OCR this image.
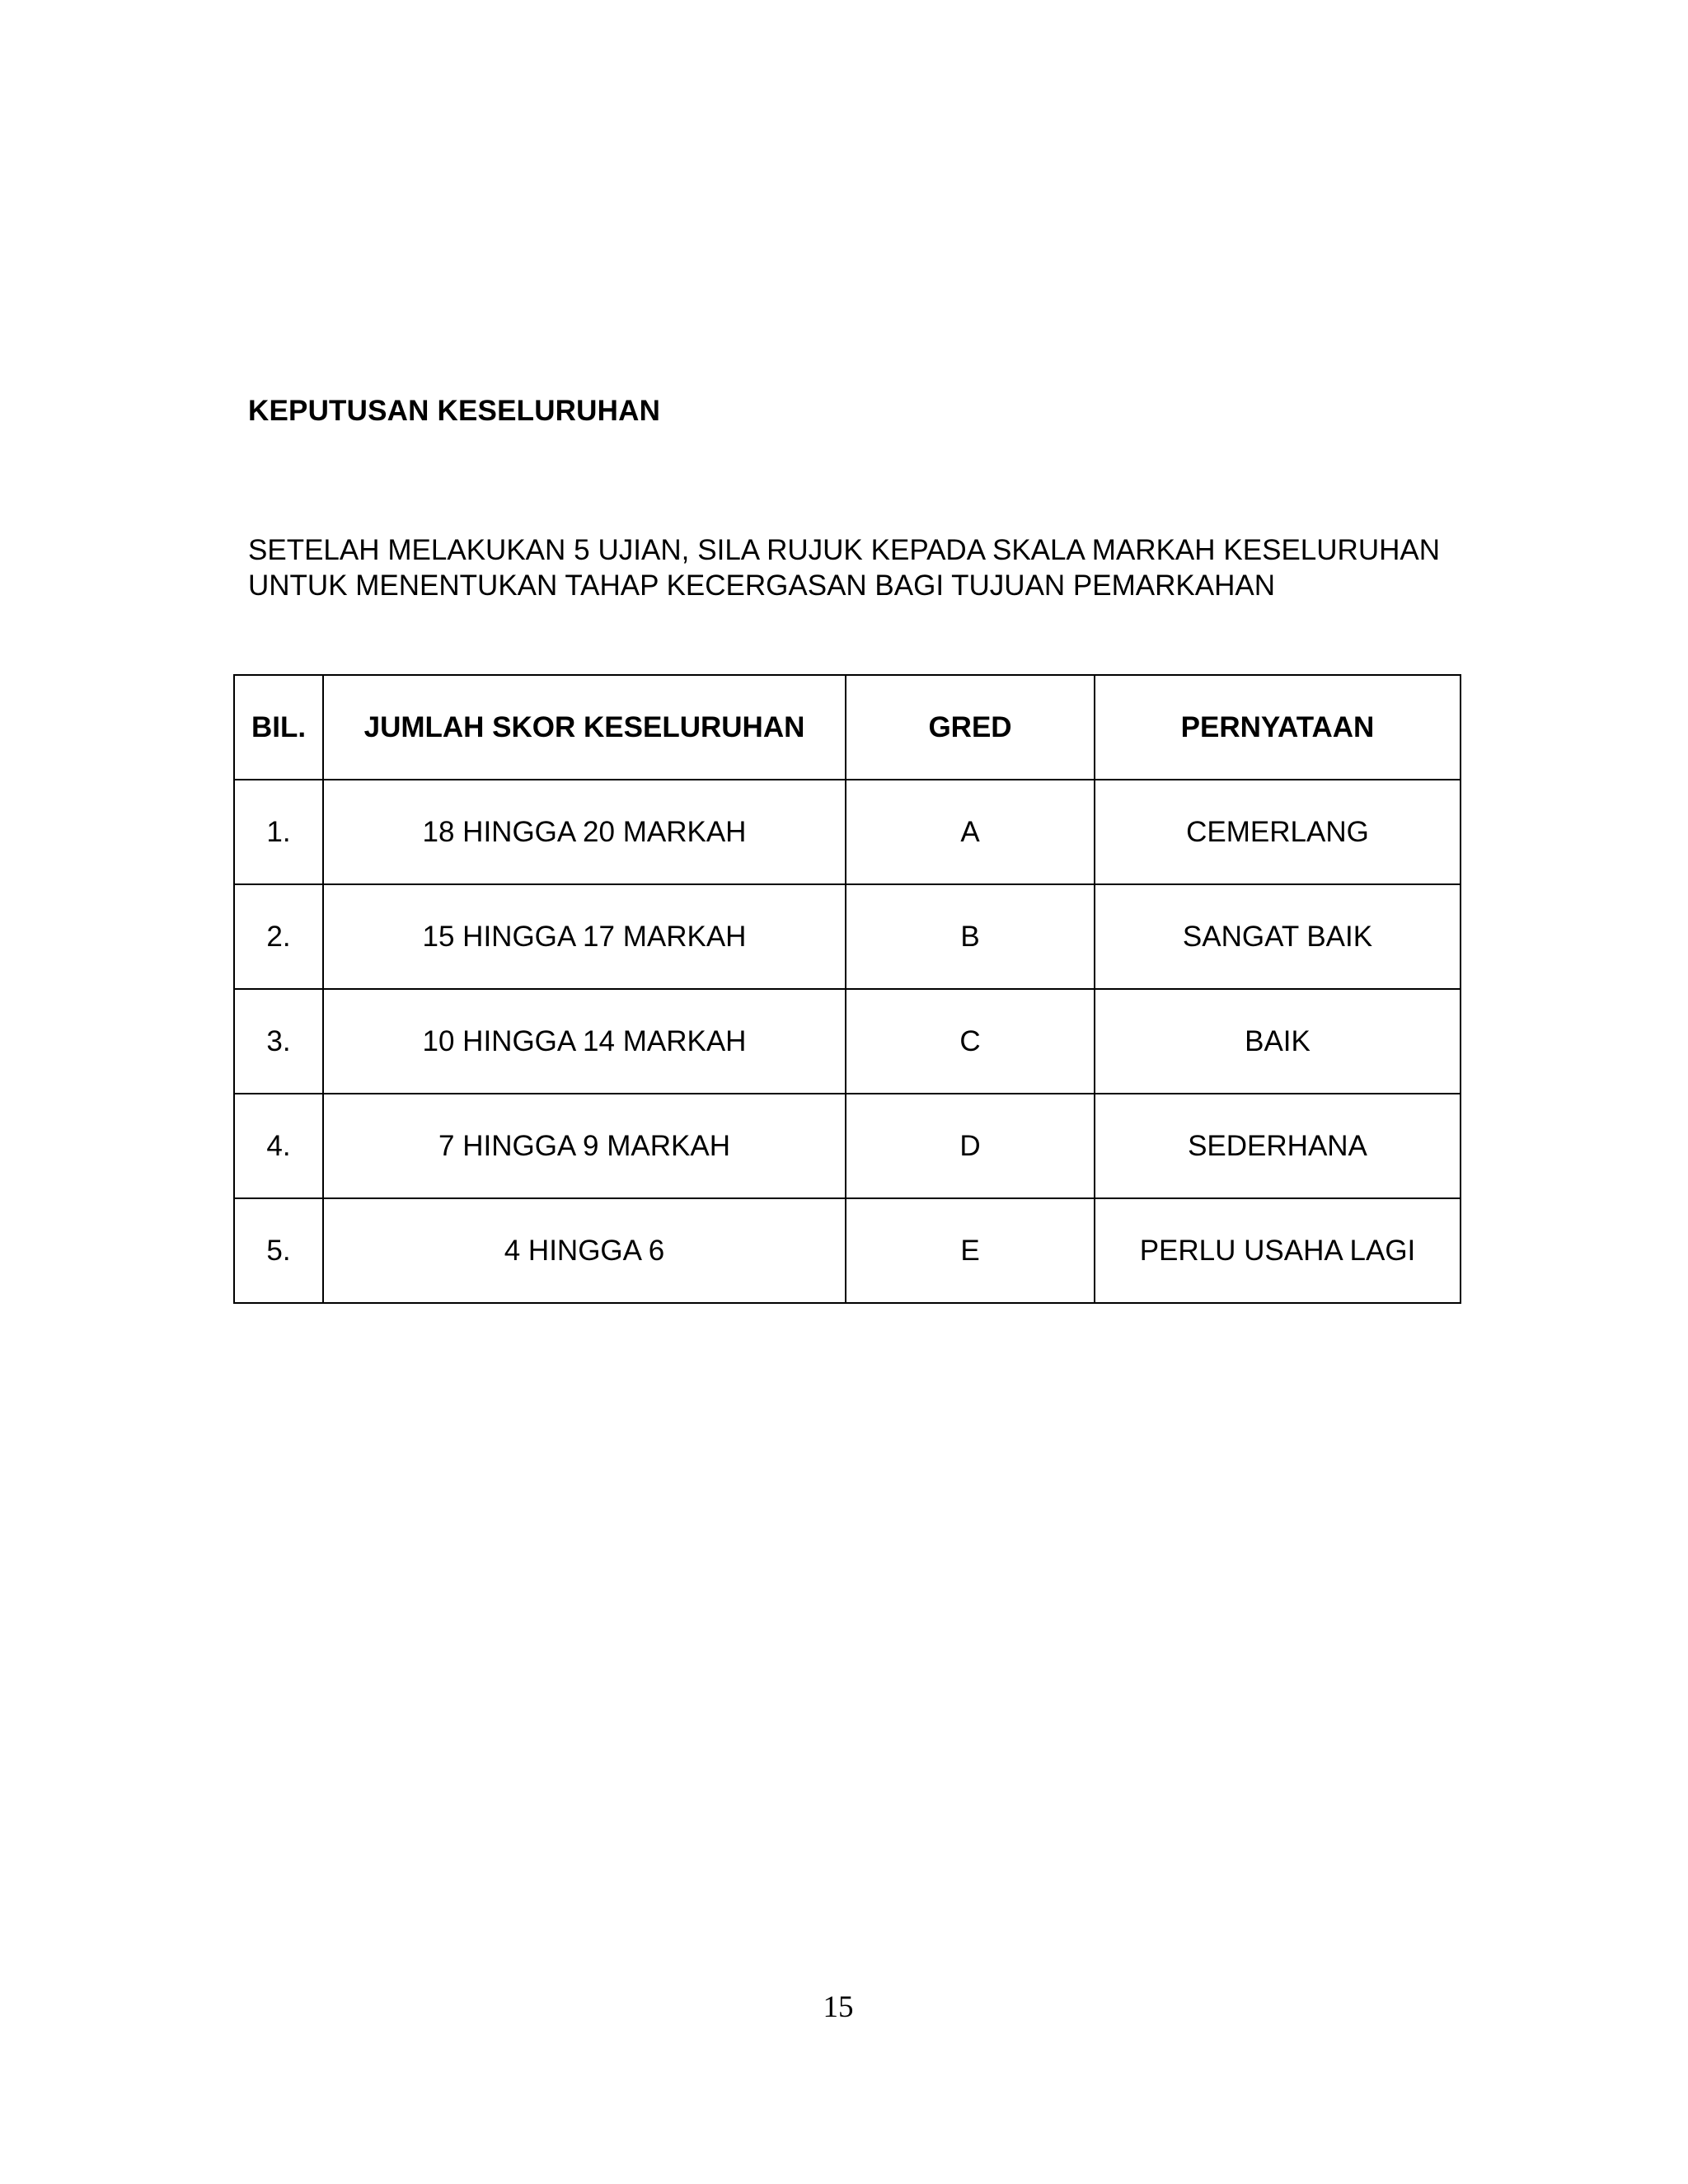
KEPUTUSAN KESELURUHAN

SETELAH MELAKUKAN 5 UJIAN, SILA RUJUK KEPADA SKALA MARKAH KESELURUHAN UNTUK MENENTUKAN TAHAP KECERGASAN BAGI TUJUAN PEMARKAHAN

BIL.	JUMLAH SKOR KESELURUHAN	GRED	PERNYATAAN
1.	18 HINGGA 20 MARKAH	A	CEMERLANG
2.	15 HINGGA 17 MARKAH	B	SANGAT BAIK
3.	10 HINGGA 14 MARKAH	C	BAIK
4.	7 HINGGA 9 MARKAH	D	SEDERHANA
5.	4 HINGGA 6	E	PERLU USAHA LAGI
15
